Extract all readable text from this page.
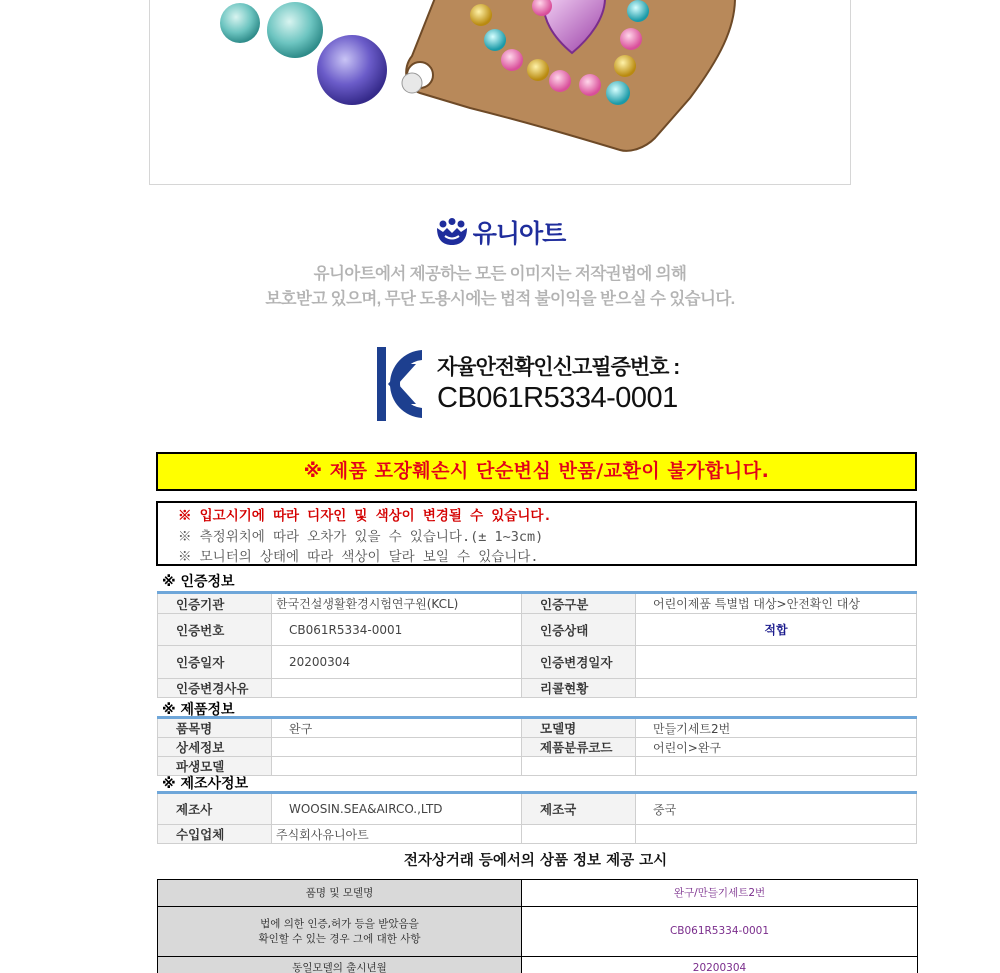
유니아트
유니아트에서 제공하는 모든 이미지는 저작권법에 의해
보호받고 있으며, 무단 도용시에는 법적 불이익을 받으실 수 있습니다.
자율안전확인신고필증번호 :
CB061R5334-0001
※ 제품 포장훼손시 단순변심 반품/교환이 불가합니다.
※ 입고시기에 따라 디자인 및 색상이 변경될 수 있습니다.
※ 측정위치에 따라 오차가 있을 수 있습니다.(± 1~3cm)
※ 모니터의 상태에 따라 색상이 달라 보일 수 있습니다.
※ 인증정보
인증기관	한국건설생활환경시험연구원(KCL)	인증구분	어린이제품 특별법 대상>안전확인 대상
인증번호	CB061R5334-0001	인증상태	적합
인증일자	20200304	인증변경일자	
인증변경사유		리콜현황	
※ 제품정보
품목명	완구	모델명	만들기세트2번
상세정보		제품분류코드	어린이>완구
파생모델			
※ 제조사정보
제조사	WOOSIN.SEA&AIRCO.,LTD	제조국	중국
수입업체	주식회사유니아트		
전자상거래 등에서의 상품 정보 제공 고시
품명 및 모델명	완구/만들기세트2번

법에 의한 인증,허가 등을 받았음을
확인할 수 있는 경우 그에 대한 사항	CB061R5334-0001
동일모델의 출시년월	20200304
